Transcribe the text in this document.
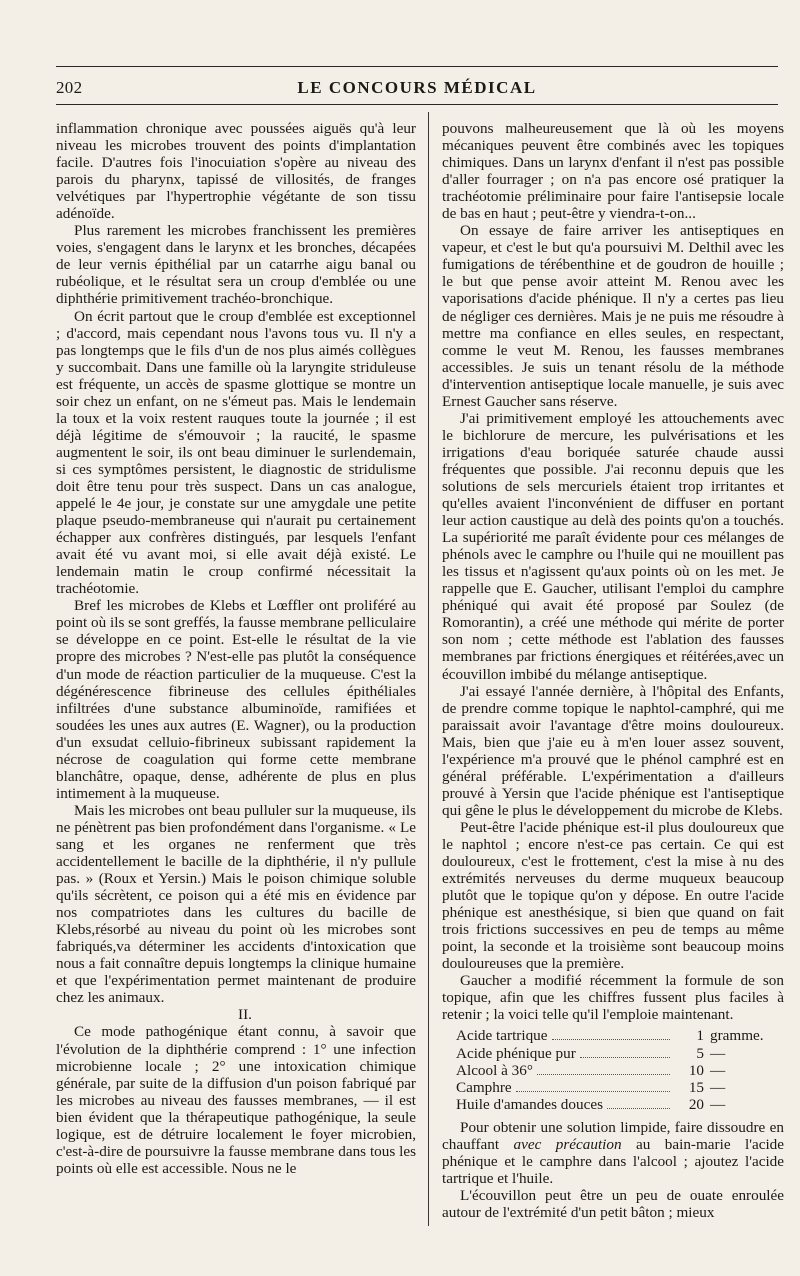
202	LE CONCOURS MÉDICAL

inflammation chronique avec poussées aiguës qu'à leur niveau les microbes trouvent des points d'implantation facile. D'autres fois l'inocuiation s'opère au niveau des parois du pharynx, tapissé de villosités, de franges velvétiques par l'hypertrophie végétante de son tissu adénoïde.

Plus rarement les microbes franchissent les premières voies, s'engagent dans le larynx et les bronches, décapées de leur vernis épithélial par un catarrhe aigu banal ou rubéolique, et le résultat sera un croup d'emblée ou une diphthérie primitivement trachéo-bronchique.

On écrit partout que le croup d'emblée est exceptionnel ; d'accord, mais cependant nous l'avons tous vu. Il n'y a pas longtemps que le fils d'un de nos plus aimés collègues y succombait. Dans une famille où la laryngite striduleuse est fréquente, un accès de spasme glottique se montre un soir chez un enfant, on ne s'émeut pas. Mais le lendemain la toux et la voix restent rauques toute la journée ; il est déjà légitime de s'émouvoir ; la raucité, le spasme augmentent le soir, ils ont beau diminuer le surlendemain, si ces symptômes persistent, le diagnostic de stridulisme doit être tenu pour très suspect. Dans un cas analogue, appelé le 4e jour, je constate sur une amygdale une petite plaque pseudo-membraneuse qui n'aurait pu certainement échapper aux confrères distingués, par lesquels l'enfant avait été vu avant moi, si elle avait déjà existé. Le lendemain matin le croup confirmé nécessitait la trachéotomie.

Bref les microbes de Klebs et Lœffler ont proliféré au point où ils se sont greffés, la fausse membrane pelliculaire se développe en ce point. Est-elle le résultat de la vie propre des microbes ? N'est-elle pas plutôt la conséquence d'un mode de réaction particulier de la muqueuse. C'est la dégénérescence fibrineuse des cellules épithéliales infiltrées d'une substance albuminoïde, ramifiées et soudées les unes aux autres (E. Wagner), ou la production d'un exsudat celluio-fibrineux subissant rapidement la nécrose de coagulation qui forme cette membrane blanchâtre, opaque, dense, adhérente de plus en plus intimement à la muqueuse.

Mais les microbes ont beau pulluler sur la muqueuse, ils ne pénètrent pas bien profondément dans l'organisme. « Le sang et les organes ne renferment que très accidentellement le bacille de la diphthérie, il n'y pullule pas. » (Roux et Yersin.) Mais le poison chimique soluble qu'ils sécrètent, ce poison qui a été mis en évidence par nos compatriotes dans les cultures du bacille de Klebs,résorbé au niveau du point où les microbes sont fabriqués,va déterminer les accidents d'intoxication que nous a fait connaître depuis longtemps la clinique humaine et que l'expérimentation permet maintenant de produire chez les animaux.

II.

Ce mode pathogénique étant connu, à savoir que l'évolution de la diphthérie comprend : 1° une infection microbienne locale ; 2° une intoxication chimique générale, par suite de la diffusion d'un poison fabriqué par les microbes au niveau des fausses membranes, — il est bien évident que la thérapeutique pathogénique, la seule logique, est de détruire localement le foyer microbien, c'est-à-dire de poursuivre la fausse membrane dans tous les points où elle est accessible. Nous ne le

pouvons malheureusement que là où les moyens mécaniques peuvent être combinés avec les topiques chimiques. Dans un larynx d'enfant il n'est pas possible d'aller fourrager ; on n'a pas encore osé pratiquer la trachéotomie préliminaire pour faire l'antisepsie locale de bas en haut ; peut-être y viendra-t-on...

On essaye de faire arriver les antiseptiques en vapeur, et c'est le but qu'a poursuivi M. Delthil avec les fumigations de térébenthine et de goudron de houille ; le but que pense avoir atteint M. Renou avec les vaporisations d'acide phénique. Il n'y a certes pas lieu de négliger ces dernières. Mais je ne puis me résoudre à mettre ma confiance en elles seules, en respectant, comme le veut M. Renou, les fausses membranes accessibles. Je suis un tenant résolu de la méthode d'intervention antiseptique locale manuelle, je suis avec Ernest Gaucher sans réserve.

J'ai primitivement employé les attouchements avec le bichlorure de mercure, les pulvérisations et les irrigations d'eau boriquée saturée chaude aussi fréquentes que possible. J'ai reconnu depuis que les solutions de sels mercuriels étaient trop irritantes et qu'elles avaient l'inconvénient de diffuser en portant leur action caustique au delà des points qu'on a touchés. La supériorité me paraît évidente pour ces mélanges de phénols avec le camphre ou l'huile qui ne mouillent pas les tissus et n'agissent qu'aux points où on les met. Je rappelle que E. Gaucher, utilisant l'emploi du camphre phéniqué qui avait été proposé par Soulez (de Romorantin), a créé une méthode qui mérite de porter son nom ; cette méthode est l'ablation des fausses membranes par frictions énergiques et réitérées,avec un écouvillon imbibé du mélange antiseptique.

J'ai essayé l'année dernière, à l'hôpital des Enfants, de prendre comme topique le naphtol-camphré, qui me paraissait avoir l'avantage d'être moins douloureux. Mais, bien que j'aie eu à m'en louer assez souvent, l'expérience m'a prouvé que le phénol camphré est en général préférable. L'expérimentation a d'ailleurs prouvé à Yersin que l'acide phénique est l'antiseptique qui gêne le plus le développement du microbe de Klebs.

Peut-être l'acide phénique est-il plus douloureux que le naphtol ; encore n'est-ce pas certain. Ce qui est douloureux, c'est le frottement, c'est la mise à nu des extrémités nerveuses du derme muqueux beaucoup plutôt que le topique qu'on y dépose. En outre l'acide phénique est anesthésique, si bien que quand on fait trois frictions successives en peu de temps au même point, la seconde et la troisième sont beaucoup moins douloureuses que la première.

Gaucher a modifié récemment la formule de son topique, afin que les chiffres fussent plus faciles à retenir ; la voici telle qu'il l'emploie maintenant.

Acide tartrique	1 gramme.
Acide phénique pur	5 —
Alcool à 36°	10 —
Camphre	15 —
Huile d'amandes douces	20 —

Pour obtenir une solution limpide, faire dissoudre en chauffant avec précaution au bain-marie l'acide phénique et le camphre dans l'alcool ; ajoutez l'acide tartrique et l'huile.

L'écouvillon peut être un peu de ouate enroulée autour de l'extrémité d'un petit bâton ; mieux
